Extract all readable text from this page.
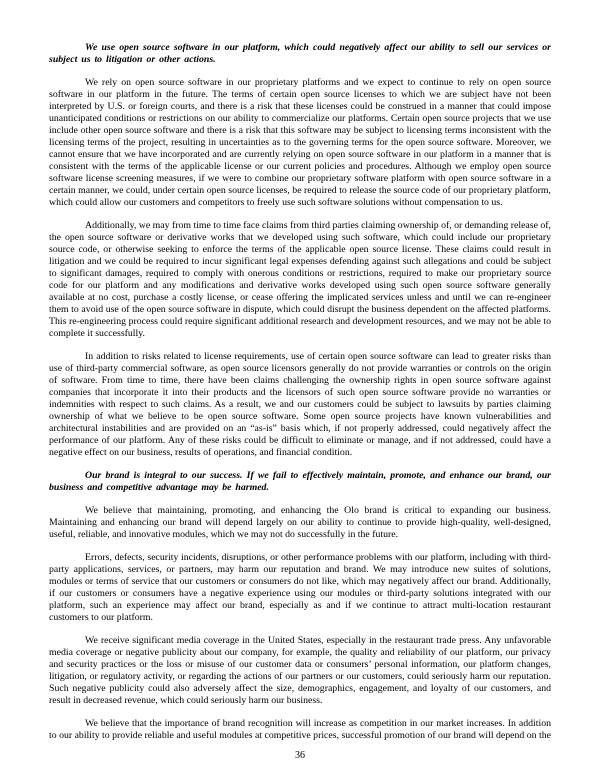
We use open source software in our platform, which could negatively affect our ability to sell our services or subject us to litigation or other actions.

We rely on open source software in our proprietary platforms and we expect to continue to rely on open source software in our platform in the future. The terms of certain open source licenses to which we are subject have not been interpreted by U.S. or foreign courts, and there is a risk that these licenses could be construed in a manner that could impose unanticipated conditions or restrictions on our ability to commercialize our platforms. Certain open source projects that we use include other open source software and there is a risk that this software may be subject to licensing terms inconsistent with the licensing terms of the project, resulting in uncertainties as to the governing terms for the open source software. Moreover, we cannot ensure that we have incorporated and are currently relying on open source software in our platform in a manner that is consistent with the terms of the applicable license or our current policies and procedures. Although we employ open source software license screening measures, if we were to combine our proprietary software platform with open source software in a certain manner, we could, under certain open source licenses, be required to release the source code of our proprietary platform, which could allow our customers and competitors to freely use such software solutions without compensation to us.

Additionally, we may from time to time face claims from third parties claiming ownership of, or demanding release of, the open source software or derivative works that we developed using such software, which could include our proprietary source code, or otherwise seeking to enforce the terms of the applicable open source license. These claims could result in litigation and we could be required to incur significant legal expenses defending against such allegations and could be subject to significant damages, required to comply with onerous conditions or restrictions, required to make our proprietary source code for our platform and any modifications and derivative works developed using such open source software generally available at no cost, purchase a costly license, or cease offering the implicated services unless and until we can re-engineer them to avoid use of the open source software in dispute, which could disrupt the business dependent on the affected platforms. This re-engineering process could require significant additional research and development resources, and we may not be able to complete it successfully.

In addition to risks related to license requirements, use of certain open source software can lead to greater risks than use of third-party commercial software, as open source licensors generally do not provide warranties or controls on the origin of software. From time to time, there have been claims challenging the ownership rights in open source software against companies that incorporate it into their products and the licensors of such open source software provide no warranties or indemnities with respect to such claims. As a result, we and our customers could be subject to lawsuits by parties claiming ownership of what we believe to be open source software. Some open source projects have known vulnerabilities and architectural instabilities and are provided on an “as-is” basis which, if not properly addressed, could negatively affect the performance of our platform. Any of these risks could be difficult to eliminate or manage, and if not addressed, could have a negative effect on our business, results of operations, and financial condition.

Our brand is integral to our success. If we fail to effectively maintain, promote, and enhance our brand, our business and competitive advantage may be harmed.

We believe that maintaining, promoting, and enhancing the Olo brand is critical to expanding our business. Maintaining and enhancing our brand will depend largely on our ability to continue to provide high-quality, well-designed, useful, reliable, and innovative modules, which we may not do successfully in the future.

Errors, defects, security incidents, disruptions, or other performance problems with our platform, including with third-party applications, services, or partners, may harm our reputation and brand. We may introduce new suites of solutions, modules or terms of service that our customers or consumers do not like, which may negatively affect our brand. Additionally, if our customers or consumers have a negative experience using our modules or third-party solutions integrated with our platform, such an experience may affect our brand, especially as and if we continue to attract multi-location restaurant customers to our platform.

We receive significant media coverage in the United States, especially in the restaurant trade press. Any unfavorable media coverage or negative publicity about our company, for example, the quality and reliability of our platform, our privacy and security practices or the loss or misuse of our customer data or consumers’ personal information, our platform changes, litigation, or regulatory activity, or regarding the actions of our partners or our customers, could seriously harm our reputation. Such negative publicity could also adversely affect the size, demographics, engagement, and loyalty of our customers, and result in decreased revenue, which could seriously harm our business.

We believe that the importance of brand recognition will increase as competition in our market increases. In addition to our ability to provide reliable and useful modules at competitive prices, successful promotion of our brand will depend on the

36
